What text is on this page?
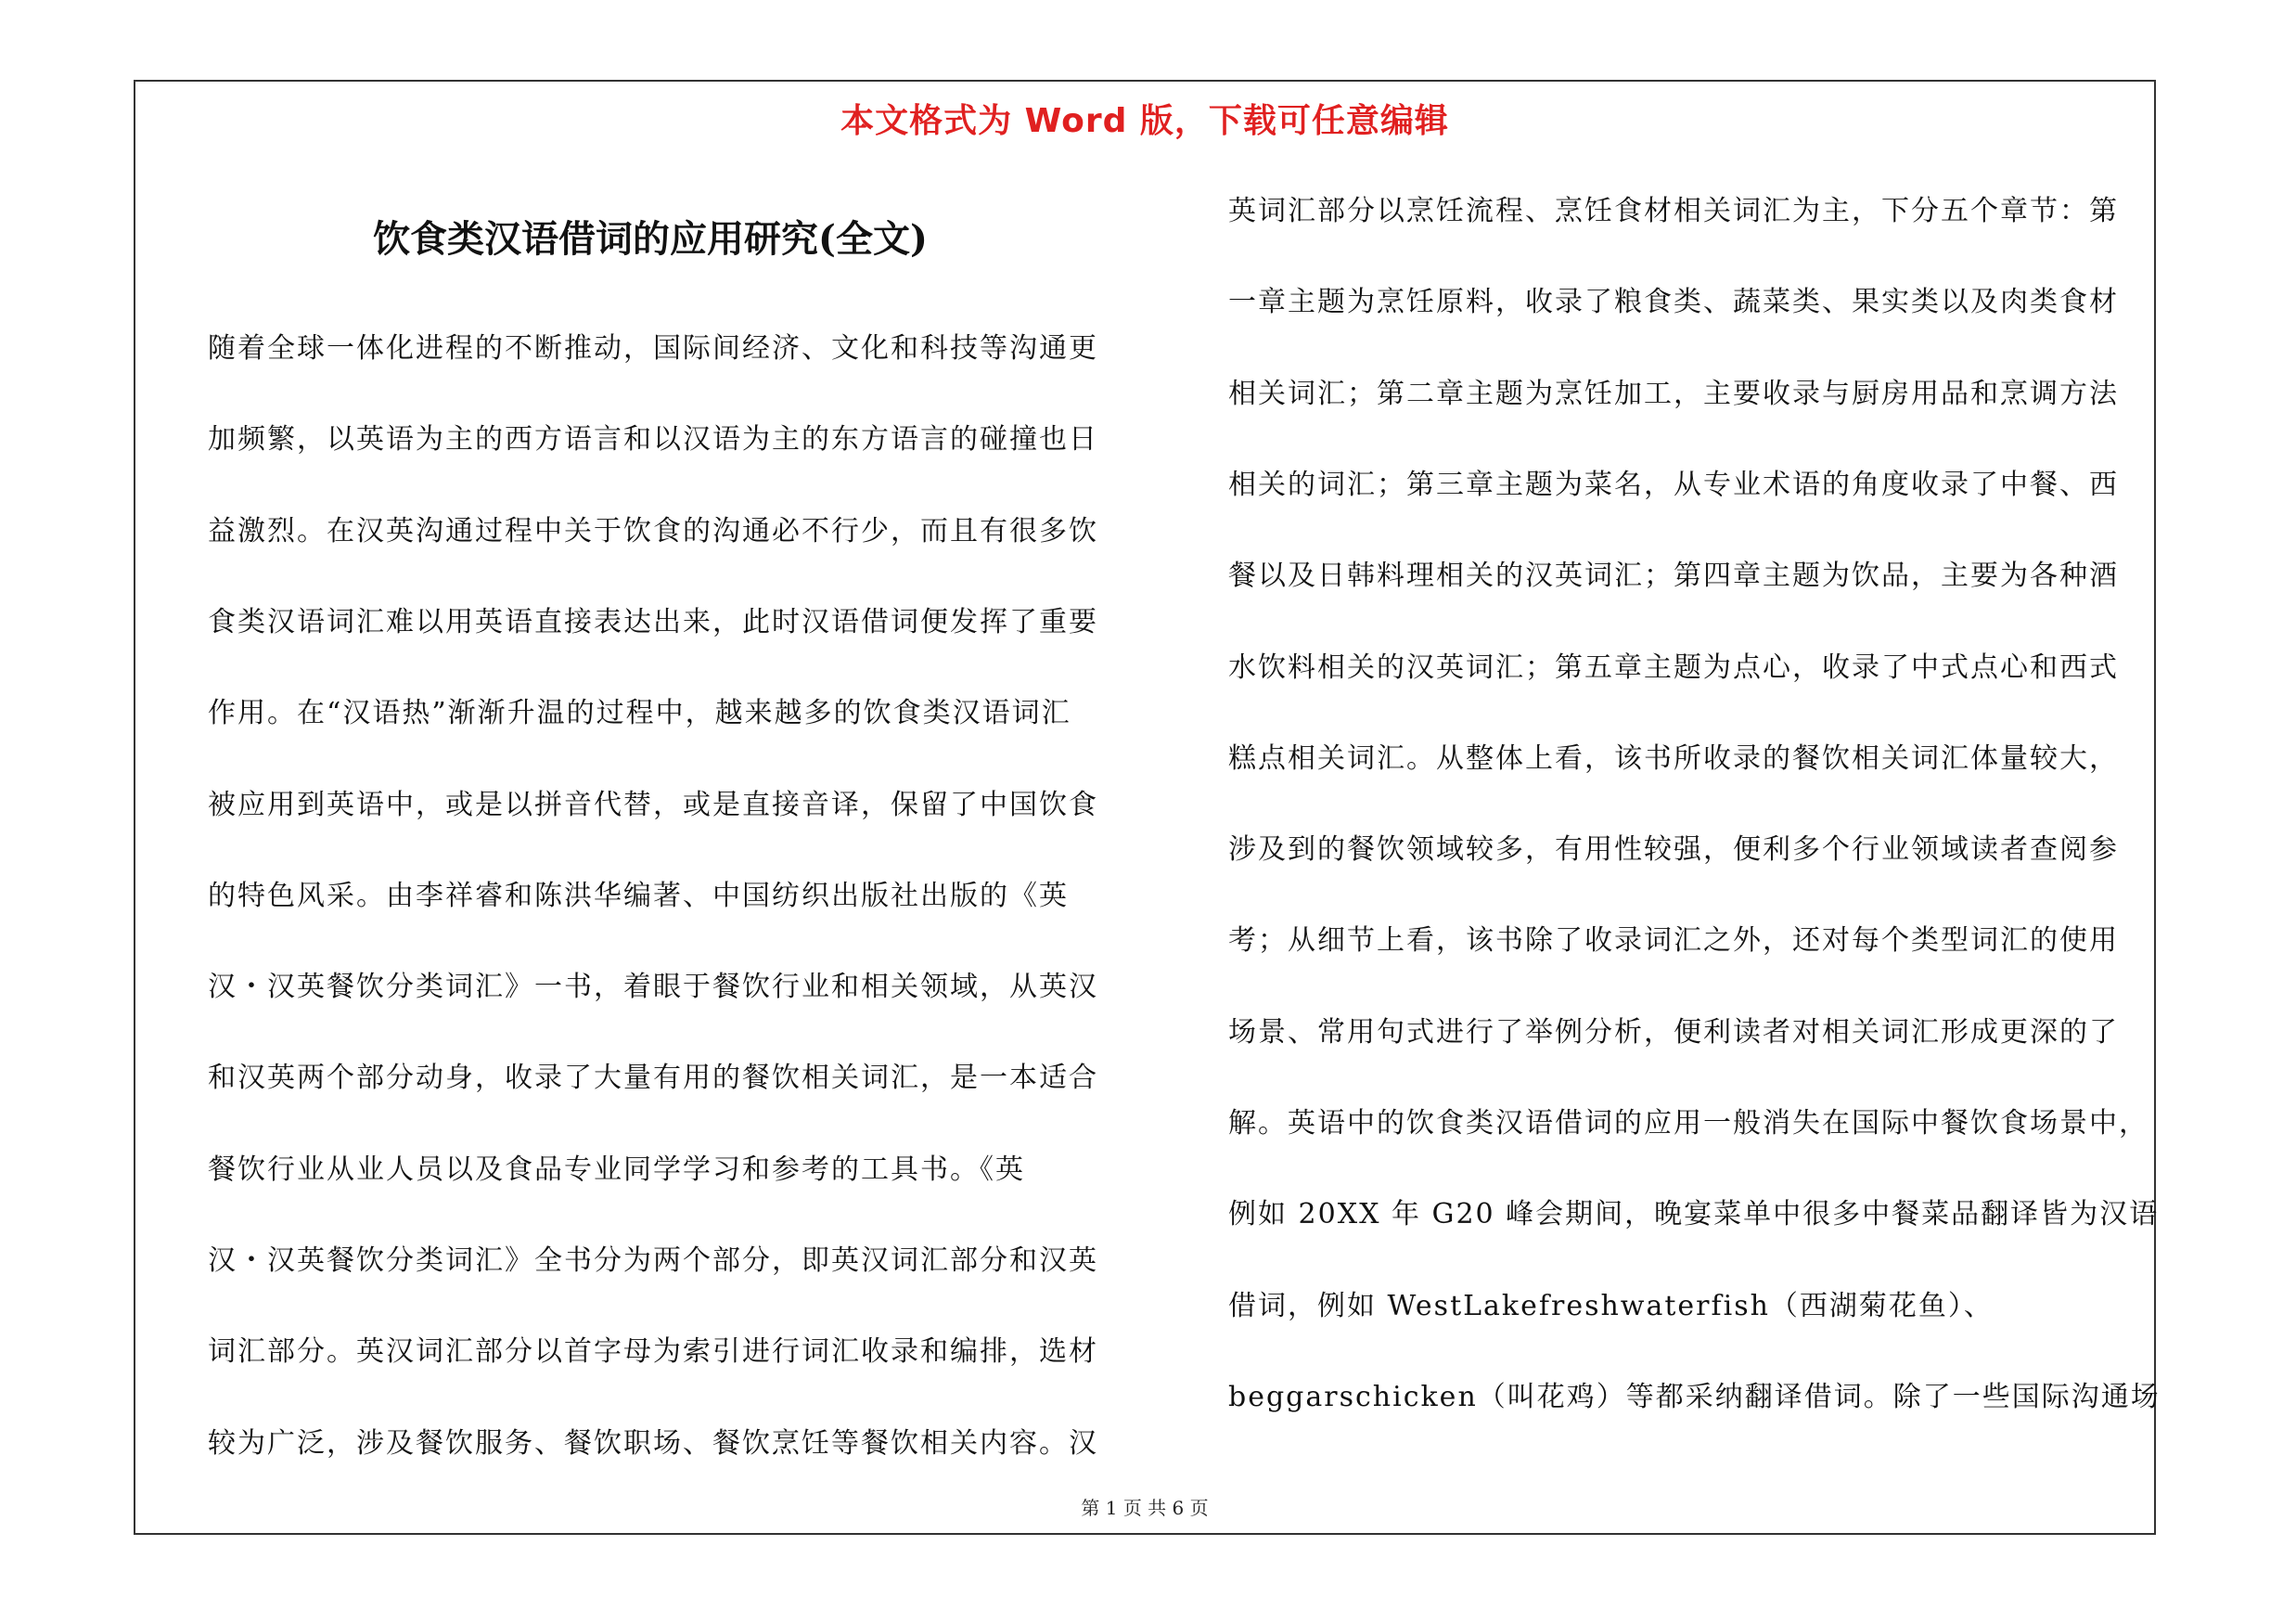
本文格式为 Word 版，下载可任意编辑
饮食类汉语借词的应用研究(全文)
随着全球一体化进程的不断推动，国际间经济、文化和科技等沟通更
加频繁，以英语为主的西方语言和以汉语为主的东方语言的碰撞也日
益激烈。在汉英沟通过程中关于饮食的沟通必不行少，而且有很多饮
食类汉语词汇难以用英语直接表达出来，此时汉语借词便发挥了重要
作用。在“汉语热”渐渐升温的过程中，越来越多的饮食类汉语词汇
被应用到英语中，或是以拼音代替，或是直接音译，保留了中国饮食
的特色风采。由李祥睿和陈洪华编著、中国纺织出版社出版的《英
汉・汉英餐饮分类词汇》一书，着眼于餐饮行业和相关领域，从英汉
和汉英两个部分动身，收录了大量有用的餐饮相关词汇，是一本适合
餐饮行业从业人员以及食品专业同学学习和参考的工具书。《英
汉・汉英餐饮分类词汇》全书分为两个部分，即英汉词汇部分和汉英
词汇部分。英汉词汇部分以首字母为索引进行词汇收录和编排，选材
较为广泛，涉及餐饮服务、餐饮职场、餐饮烹饪等餐饮相关内容。汉
英词汇部分以烹饪流程、烹饪食材相关词汇为主，下分五个章节：第
一章主题为烹饪原料，收录了粮食类、蔬菜类、果实类以及肉类食材
相关词汇；第二章主题为烹饪加工，主要收录与厨房用品和烹调方法
相关的词汇；第三章主题为菜名，从专业术语的角度收录了中餐、西
餐以及日韩料理相关的汉英词汇；第四章主题为饮品，主要为各种酒
水饮料相关的汉英词汇；第五章主题为点心，收录了中式点心和西式
糕点相关词汇。从整体上看，该书所收录的餐饮相关词汇体量较大，
涉及到的餐饮领域较多，有用性较强，便利多个行业领域读者查阅参
考；从细节上看，该书除了收录词汇之外，还对每个类型词汇的使用
场景、常用句式进行了举例分析，便利读者对相关词汇形成更深的了
解。英语中的饮食类汉语借词的应用一般消失在国际中餐饮食场景中，
例如 20XX 年 G20 峰会期间，晚宴菜单中很多中餐菜品翻译皆为汉语
借词，例如 WestLakefreshwaterfish（西湖菊花鱼）、
beggarschicken（叫花鸡）等都采纳翻译借词。除了一些国际沟通场
第 1 页 共 6 页
